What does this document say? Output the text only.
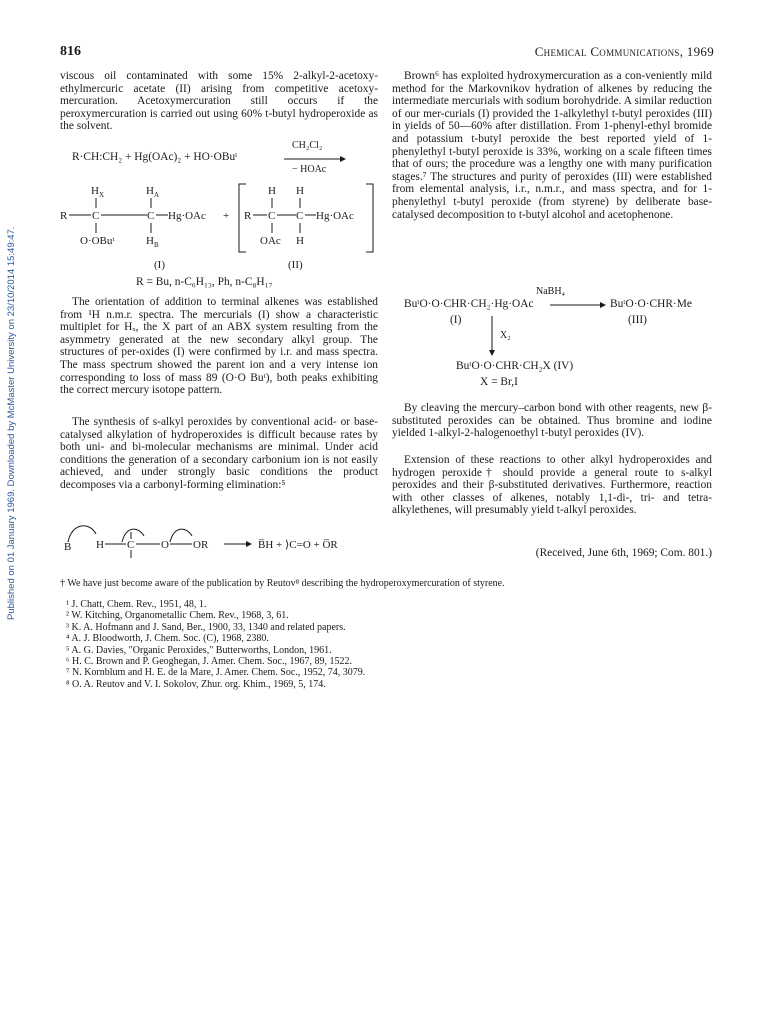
816	Chemical Communications, 1969
Published on 01 January 1969. Downloaded by McMaster University on 23/10/2014 15:49:47.

viscous oil contaminated with some 15% 2-alkyl-2-acetoxy-ethylmercuric acetate (II) arising from competitive acetoxy-mercuration. Acetoxymercuration still occurs if the peroxymercuration is carried out using 60% t-butyl hydroperoxide as the solvent.

R·CH:CH₂ + Hg(OAc)₂ + HO·OBuᵗ
CH₂Cl₂
− HOAc
H X	H A
R C	C Hg·OAc
O·OBuᵗ	H B
+
H H
R C C Hg·OAc
OAc H
(I)	(II)
R = Bu, n-C₆H₁₃, Ph, n-C₈H₁₇

The orientation of addition to terminal alkenes was established from ¹H n.m.r. spectra. The mercurials (I) show a characteristic multiplet for Hₓ, the X part of an ABX system resulting from the asymmetry generated at the new secondary alkyl group. The structures of per-oxides (I) were confirmed by i.r. and mass spectra. The mass spectrum showed the parent ion and a very intense ion corresponding to loss of mass 89 (O·O Buᵗ), both peaks exhibiting the correct mercury isotope pattern.

The synthesis of s-alkyl peroxides by conventional acid- or base-catalysed alkylation of hydroperoxides is difficult because rates by both uni- and bi-molecular mechanisms are minimal. Under acid conditions the generation of a secondary carbonium ion is not easily achieved, and under strongly basic conditions the product decomposes via a carbonyl-forming elimination:⁵

B H C O OR	B̅H + ⟩C=O + O̅R

Brown⁶ has exploited hydroxymercuration as a con-veniently mild method for the Markovnikov hydration of alkenes by reducing the intermediate mercurials with sodium borohydride. A similar reduction of our mer-curials (I) provided the 1-alkylethyl t-butyl peroxides (III) in yields of 50—60% after distillation. From 1-phenyl-ethyl bromide and potassium t-butyl peroxide the best reported yield of 1-phenylethyl t-butyl peroxide is 33%, working on a scale fifteen times that of ours; the procedure was a lengthy one with many purification stages.⁷ The structures and purity of peroxides (III) were established from elemental analysis, i.r., n.m.r., and mass spectra, and for 1-phenylethyl t-butyl peroxide (from styrene) by deliberate base-catalysed decomposition to t-butyl alcohol and acetophenone.

NaBH₄
BuᵗO·O·CHR·CH₂·Hg·OAc	BuᵗO·O·CHR·Me
(I)	(III)
X₂
BuᵗO·O·CHR·CH₂X (IV)
X = Br,I

By cleaving the mercury–carbon bond with other reagents, new β-substituted peroxides can be obtained. Thus bromine and iodine yielded 1-alkyl-2-halogenoethyl t-butyl peroxides (IV).

Extension of these reactions to other alkyl hydroperoxides and hydrogen peroxide† should provide a general route to s-alkyl peroxides and their β-substituted derivatives. Furthermore, reaction with other classes of alkenes, notably 1,1-di-, tri- and tetra-alkylethenes, will presumably yield t-alkyl peroxides.

(Received, June 6th, 1969; Com. 801.)

† We have just become aware of the publication by Reutov⁸ describing the hydroperoxymercuration of styrene.

¹ J. Chatt, Chem. Rev., 1951, 48, 1.

² W. Kitching, Organometallic Chem. Rev., 1968, 3, 61.

³ K. A. Hofmann and J. Sand, Ber., 1900, 33, 1340 and related papers.

⁴ A. J. Bloodworth, J. Chem. Soc. (C), 1968, 2380.

⁵ A. G. Davies, "Organic Peroxides," Butterworths, London, 1961.

⁶ H. C. Brown and P. Geoghegan, J. Amer. Chem. Soc., 1967, 89, 1522.

⁷ N. Kornblum and H. E. de la Mare, J. Amer. Chem. Soc., 1952, 74, 3079.

⁸ O. A. Reutov and V. I. Sokolov, Zhur. org. Khim., 1969, 5, 174.
